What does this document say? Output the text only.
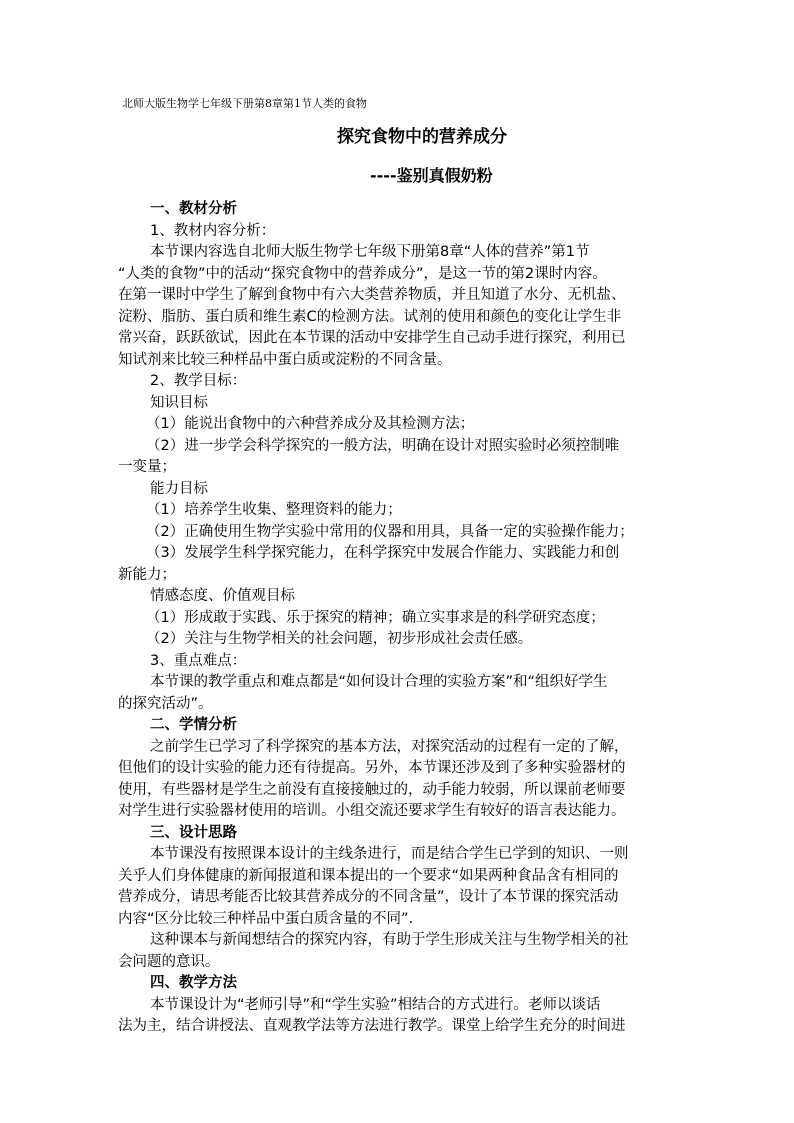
北师大版生物学七年级下册第8章第1节人类的食物
探究食物中的营养成分
----鉴别真假奶粉
一、教材分析
1、教材内容分析：
本节课内容选自北师大版生物学七年级下册第8章“人体的营养”第1节
“人类的食物”中的活动“探究食物中的营养成分”，是这一节的第2课时内容。
在第一课时中学生了解到食物中有六大类营养物质，并且知道了水分、无机盐、
淀粉、脂肪、蛋白质和维生素C的检测方法。试剂的使用和颜色的变化让学生非
常兴奋，跃跃欲试，因此在本节课的活动中安排学生自己动手进行探究，利用已
知试剂来比较三种样品中蛋白质或淀粉的不同含量。
2、教学目标：
知识目标
（1）能说出食物中的六种营养成分及其检测方法；
（2）进一步学会科学探究的一般方法，明确在设计对照实验时必须控制唯
一变量；
能力目标
（1）培养学生收集、整理资料的能力；
（2）正确使用生物学实验中常用的仪器和用具，具备一定的实验操作能力；
（3）发展学生科学探究能力，在科学探究中发展合作能力、实践能力和创
新能力；
情感态度、价值观目标
（1）形成敢于实践、乐于探究的精神；确立实事求是的科学研究态度；
（2）关注与生物学相关的社会问题，初步形成社会责任感。
3、重点难点：
本节课的教学重点和难点都是“如何设计合理的实验方案”和“组织好学生
的探究活动”。
二、学情分析
之前学生已学习了科学探究的基本方法，对探究活动的过程有一定的了解，
但他们的设计实验的能力还有待提高。另外，本节课还涉及到了多种实验器材的
使用，有些器材是学生之前没有直接接触过的，动手能力较弱，所以课前老师要
对学生进行实验器材使用的培训。小组交流还要求学生有较好的语言表达能力。
三、设计思路
本节课没有按照课本设计的主线条进行，而是结合学生已学到的知识、一则
关乎人们身体健康的新闻报道和课本提出的一个要求“如果两种食品含有相同的
营养成分，请思考能否比较其营养成分的不同含量”，设计了本节课的探究活动
内容“区分比较三种样品中蛋白质含量的不同”.
这种课本与新闻想结合的探究内容，有助于学生形成关注与生物学相关的社
会问题的意识。
四、教学方法
本节课设计为“老师引导”和“学生实验”相结合的方式进行。老师以谈话
法为主，结合讲授法、直观教学法等方法进行教学。课堂上给学生充分的时间进
